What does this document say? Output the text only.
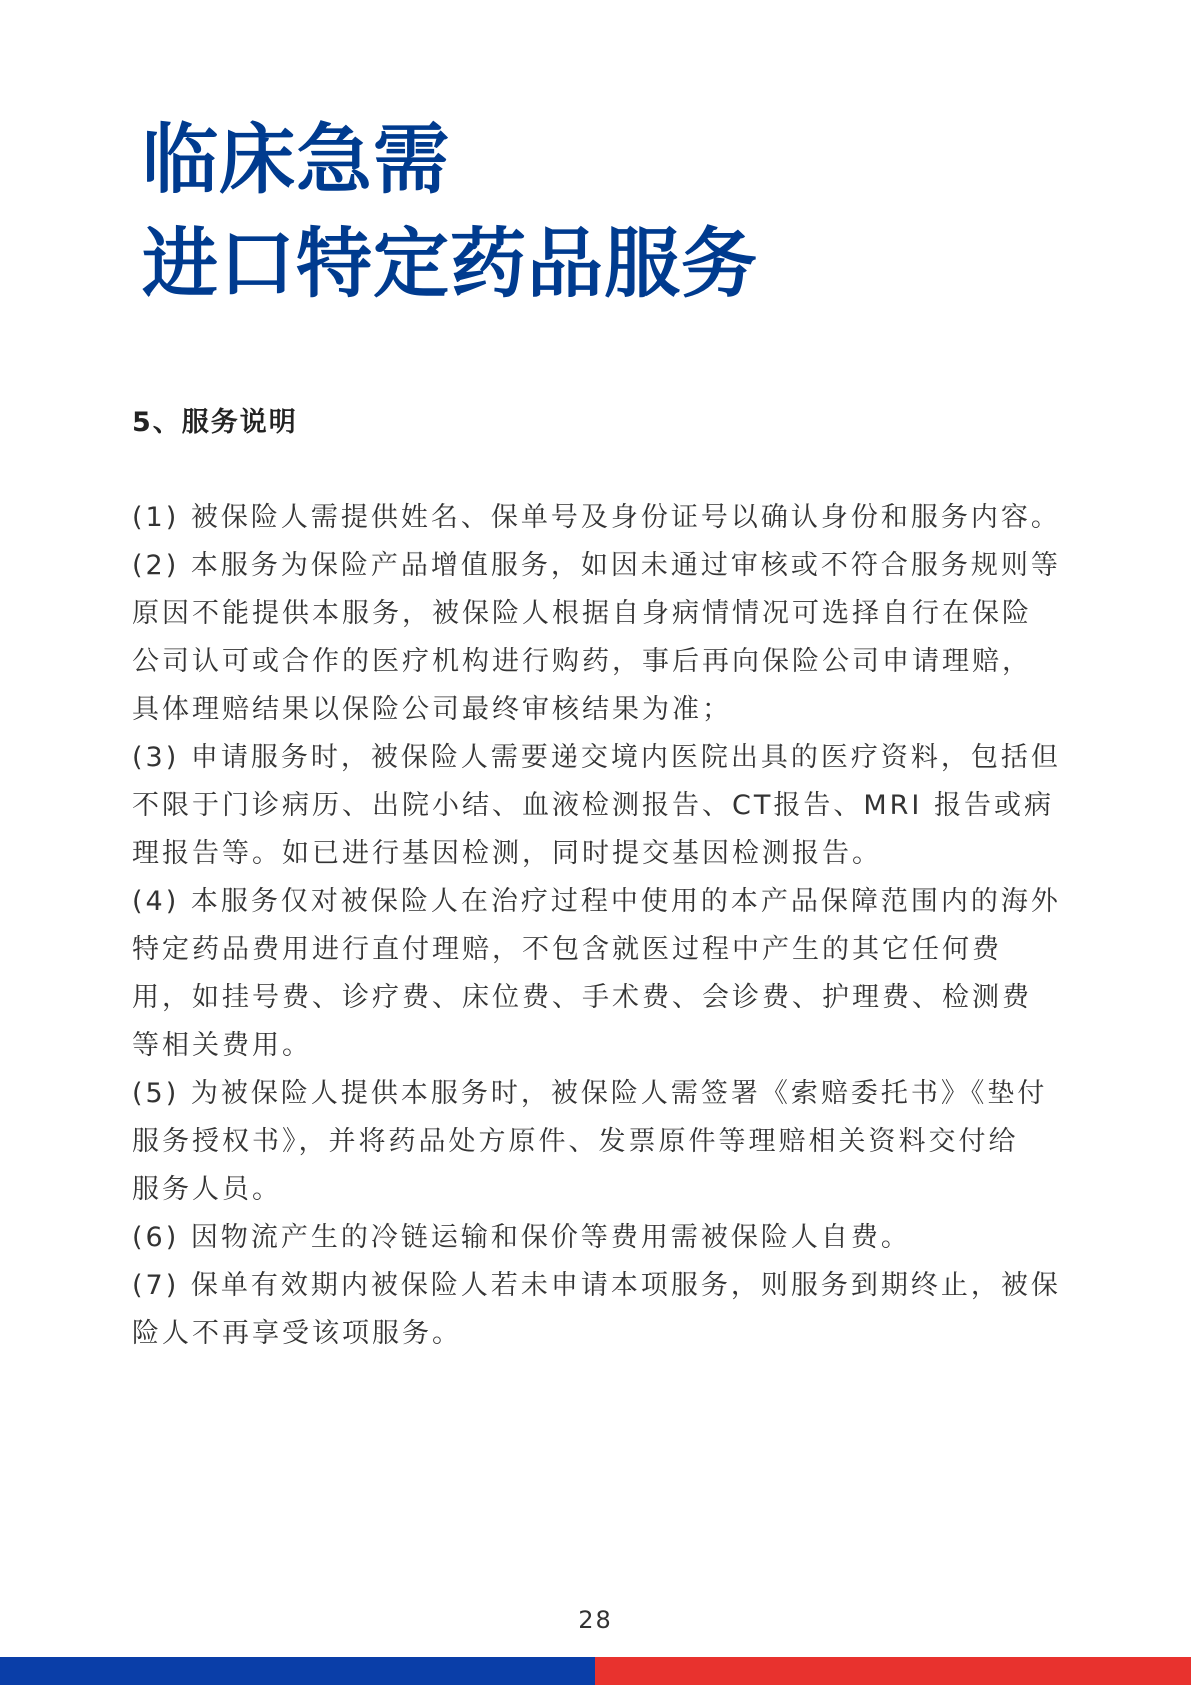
临床急需
进口特定药品服务
5、服务说明
(1) 被保险人需提供姓名、保单号及身份证号以确认身份和服务内容。
(2) 本服务为保险产品增值服务，如因未通过审核或不符合服务规则等
原因不能提供本服务，被保险人根据自身病情情况可选择自行在保险
公司认可或合作的医疗机构进行购药，事后再向保险公司申请理赔，
具体理赔结果以保险公司最终审核结果为准；
(3) 申请服务时，被保险人需要递交境内医院出具的医疗资料，包括但
不限于门诊病历、出院小结、血液检测报告、CT报告、MRI 报告或病
理报告等。如已进行基因检测，同时提交基因检测报告。
(4) 本服务仅对被保险人在治疗过程中使用的本产品保障范围内的海外
特定药品费用进行直付理赔，不包含就医过程中产生的其它任何费
用，如挂号费、诊疗费、床位费、手术费、会诊费、护理费、检测费
等相关费用。
(5) 为被保险人提供本服务时，被保险人需签署《索赔委托书》《垫付
服务授权书》，并将药品处方原件、发票原件等理赔相关资料交付给
服务人员。
(6) 因物流产生的冷链运输和保价等费用需被保险人自费。
(7) 保单有效期内被保险人若未申请本项服务，则服务到期终止，被保
险人不再享受该项服务。
28
